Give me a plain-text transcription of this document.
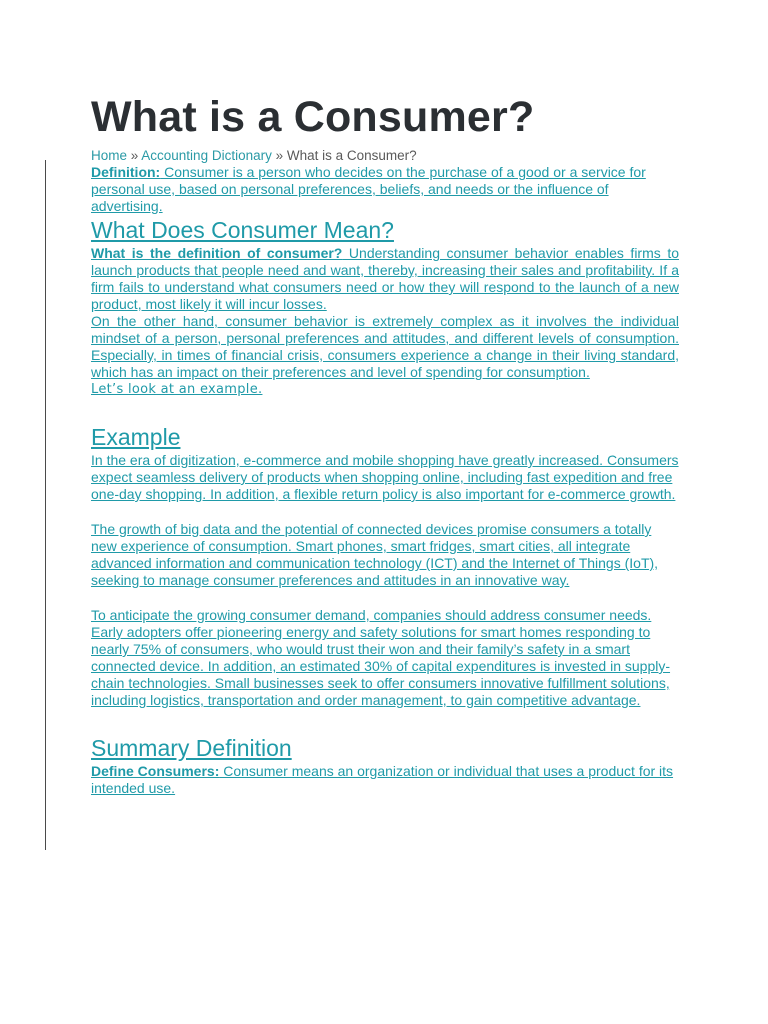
What is a Consumer?
Home » Accounting Dictionary » What is a Consumer?

Definition: Consumer is a person who decides on the purchase of a good or a service for personal use, based on personal preferences, beliefs, and needs or the influence of advertising.

What Does Consumer Mean?

What is the definition of consumer? Understanding consumer behavior enables firms to launch products that people need and want, thereby, increasing their sales and profitability. If a firm fails to understand what consumers need or how they will respond to the launch of a new product, most likely it will incur losses.

On the other hand, consumer behavior is extremely complex as it involves the individual mindset of a person, personal preferences and attitudes, and different levels of consumption. Especially, in times of financial crisis, consumers experience a change in their living standard, which has an impact on their preferences and level of spending for consumption.

Let’s look at an example.

Example

In the era of digitization, e-commerce and mobile shopping have greatly increased. Consumers expect seamless delivery of products when shopping online, including fast expedition and free one-day shopping. In addition, a flexible return policy is also important for e-commerce growth.

The growth of big data and the potential of connected devices promise consumers a totally new experience of consumption. Smart phones, smart fridges, smart cities, all integrate advanced information and communication technology (ICT) and the Internet of Things (IoT), seeking to manage consumer preferences and attitudes in an innovative way.

To anticipate the growing consumer demand, companies should address consumer needs. Early adopters offer pioneering energy and safety solutions for smart homes responding to nearly 75% of consumers, who would trust their won and their family’s safety in a smart connected device. In addition, an estimated 30% of capital expenditures is invested in supply-chain technologies. Small businesses seek to offer consumers innovative fulfillment solutions, including logistics, transportation and order management, to gain competitive advantage.

Summary Definition

Define Consumers: Consumer means an organization or individual that uses a product for its intended use.
